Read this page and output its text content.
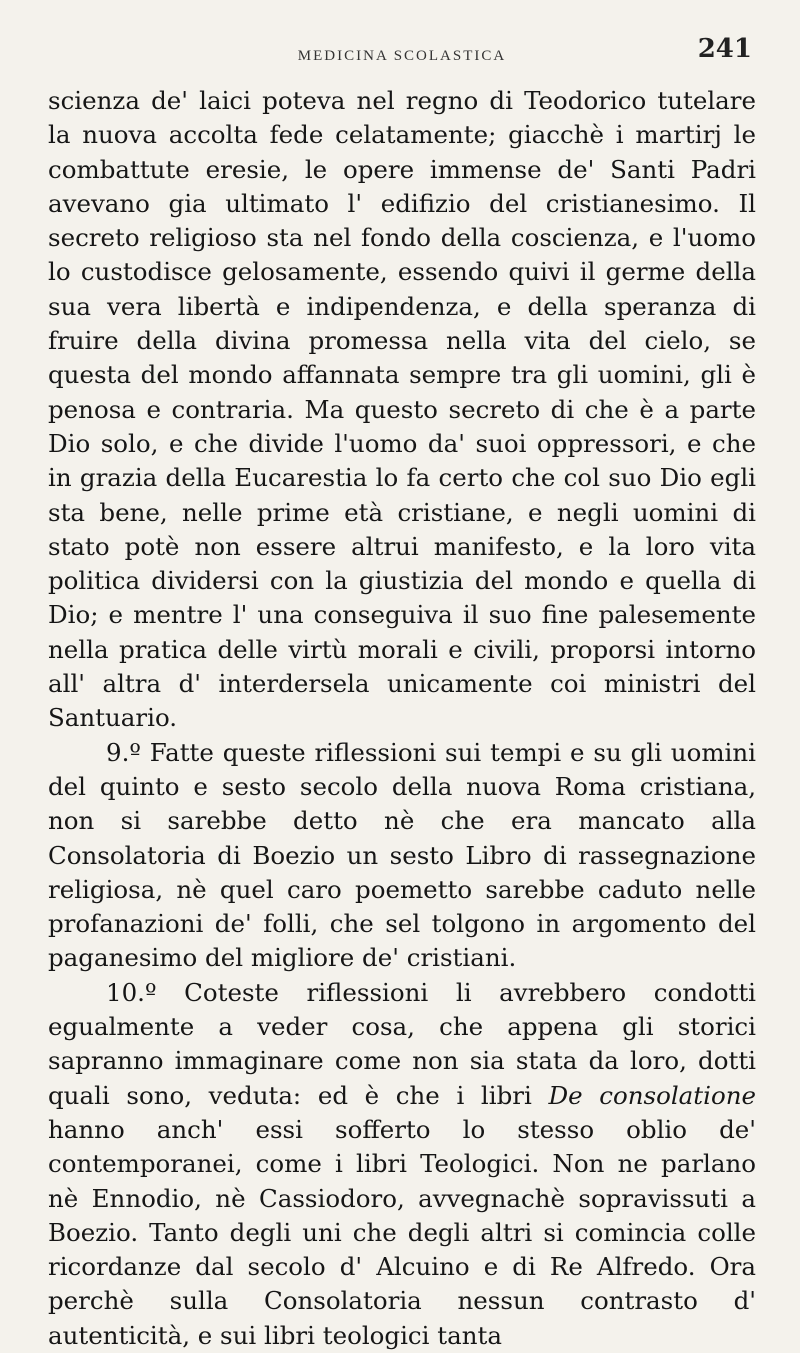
MEDICINA SCOLASTICA	241

scienza de' laici poteva nel regno di Teodorico tutelare la nuova accolta fede celatamente; giacchè i martirj le combattute eresie, le opere immense de' Santi Padri avevano gia ultimato l' edifizio del cristianesimo. Il secreto religioso sta nel fondo della coscienza, e l'uomo lo custodisce gelosamente, essendo quivi il germe della sua vera libertà e indipendenza, e della speranza di fruire della divina promessa nella vita del cielo, se questa del mondo affannata sempre tra gli uomini, gli è penosa e contraria. Ma questo secreto di che è a parte Dio solo, e che divide l'uomo da' suoi oppressori, e che in grazia della Eucarestia lo fa certo che col suo Dio egli sta bene, nelle prime età cristiane, e negli uomini di stato potè non essere altrui manifesto, e la loro vita politica dividersi con la giustizia del mondo e quella di Dio; e mentre l' una conseguiva il suo fine palesemente nella pratica delle virtù morali e civili, proporsi intorno all' altra d' interdersela unicamente coi ministri del Santuario.

9.º Fatte queste riflessioni sui tempi e su gli uomini del quinto e sesto secolo della nuova Roma cristiana, non si sarebbe detto nè che era mancato alla Consolatoria di Boezio un sesto Libro di rassegnazione religiosa, nè quel caro poemetto sarebbe caduto nelle profanazioni de' folli, che sel tolgono in argomento del paganesimo del migliore de' cristiani.

10.º Coteste riflessioni li avrebbero condotti egualmente a veder cosa, che appena gli storici sapranno immaginare come non sia stata da loro, dotti quali sono, veduta: ed è che i libri De consolatione hanno anch' essi sofferto lo stesso oblio de' contemporanei, come i libri Teologici. Non ne parlano nè Ennodio, nè Cassiodoro, avvegnachè sopravissuti a Boezio. Tanto degli uni che degli altri si comincia colle ricordanze dal secolo d' Alcuino e di Re Alfredo. Ora perchè sulla Consolatoria nessun contrasto d' autenticità, e sui libri teologici tanta
